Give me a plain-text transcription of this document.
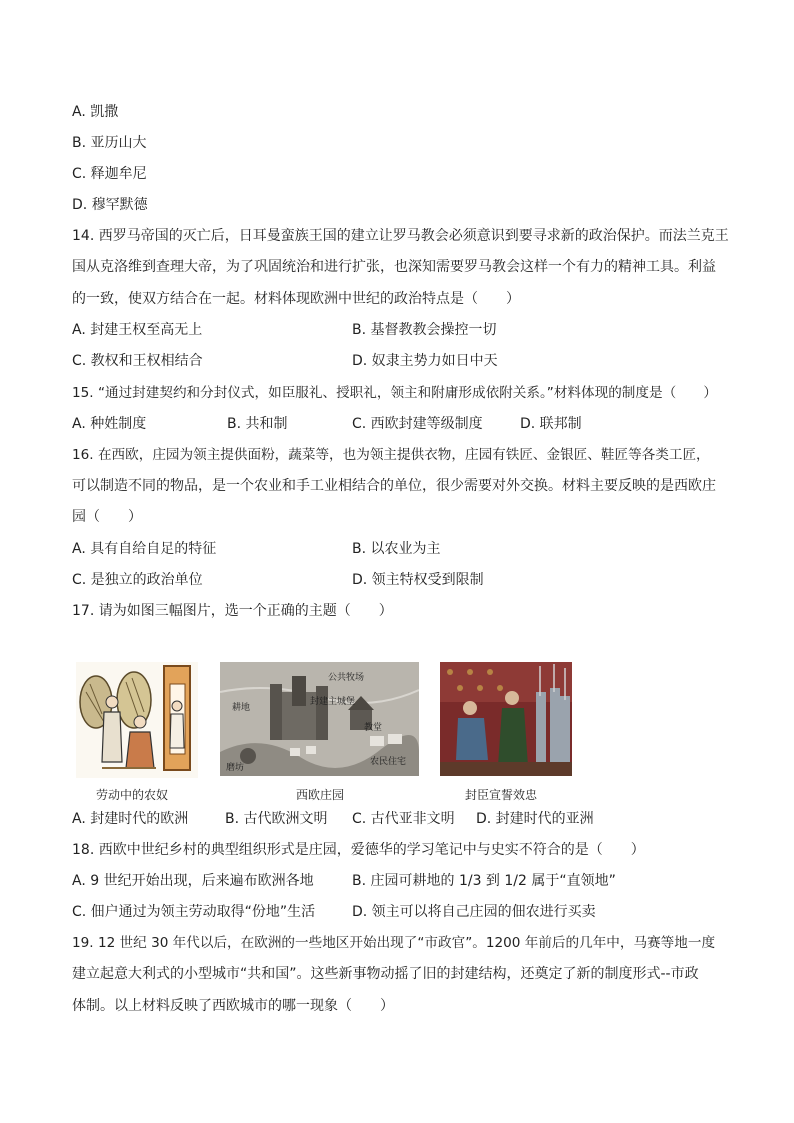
A. 凯撒
B. 亚历山大
C. 释迦牟尼
D. 穆罕默德
14. 西罗马帝国的灭亡后，日耳曼蛮族王国的建立让罗马教会必须意识到要寻求新的政治保护。而法兰克王
国从克洛维到查理大帝，为了巩固统治和进行扩张，也深知需要罗马教会这样一个有力的精神工具。利益
的一致，使双方结合在一起。材料体现欧洲中世纪的政治特点是（　　）
A. 封建王权至高无上	B. 基督教教会操控一切
C. 教权和王权相结合	D. 奴隶主势力如日中天
15. “通过封建契约和分封仪式，如臣服礼、授职礼，领主和附庸形成依附关系。”材料体现的制度是（　　）
A. 种姓制度	B. 共和制	C. 西欧封建等级制度	D. 联邦制
16. 在西欧，庄园为领主提供面粉，蔬菜等，也为领主提供衣物，庄园有铁匠、金银匠、鞋匠等各类工匠，
可以制造不同的物品，是一个农业和手工业相结合的单位，很少需要对外交换。材料主要反映的是西欧庄
园（　　）
A. 具有自给自足的特征	B. 以农业为主
C. 是独立的政治单位	D. 领主特权受到限制
17. 请为如图三幅图片，选一个正确的主题（　　）
公共牧场
耕地
封建主城堡
教堂
农民住宅
磨坊
劳动中的农奴	西欧庄园	封臣宣誓效忠
A. 封建时代的欧洲	B. 古代欧洲文明 C. 古代亚非文明 D. 封建时代的亚洲
18. 西欧中世纪乡村的典型组织形式是庄园，爱德华的学习笔记中与史实不符合的是（　　）
A. 9 世纪开始出现，后来遍布欧洲各地	B. 庄园可耕地的 1/3 到 1/2 属于“直领地”
C. 佃户通过为领主劳动取得“份地”生活	D. 领主可以将自己庄园的佃农进行买卖
19. 12 世纪 30 年代以后，在欧洲的一些地区开始出现了“市政官”。1200 年前后的几年中，马赛等地一度
建立起意大利式的小型城市“共和国”。这些新事物动摇了旧的封建结构，还奠定了新的制度形式--市政
体制。以上材料反映了西欧城市的哪一现象（　　）
